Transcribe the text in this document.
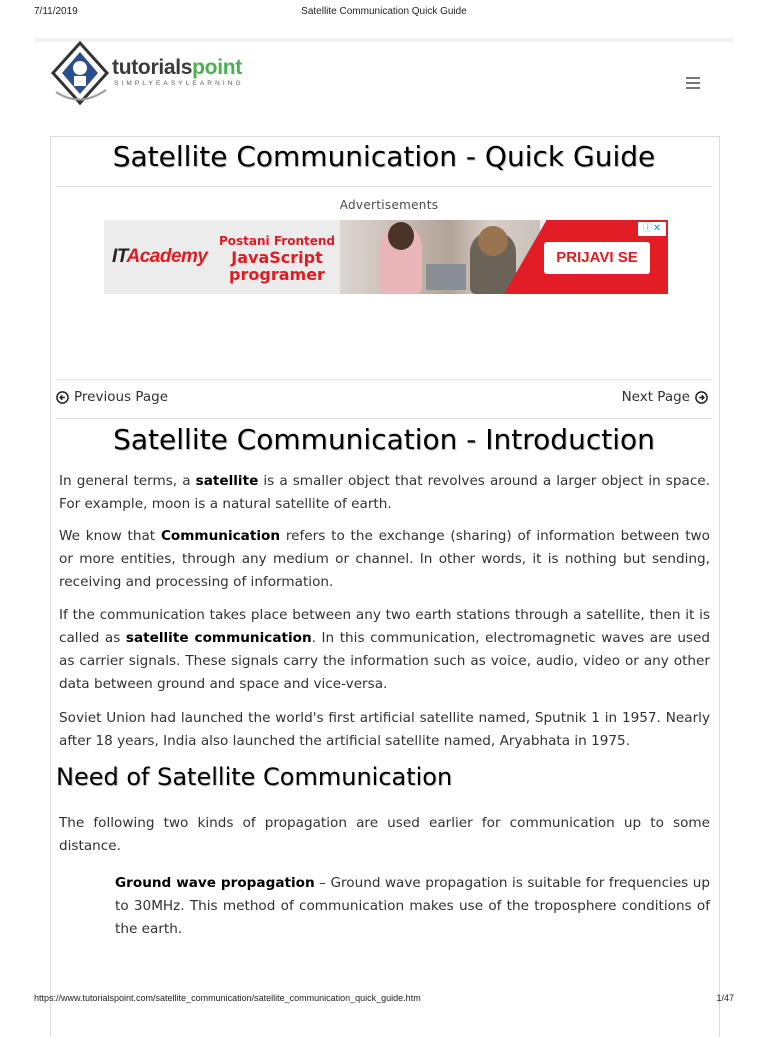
7/11/2019	Satellite Communication Quick Guide
tutorialspoint
SIMPLYEASYLEARNING
Satellite Communication - Quick Guide
Advertisements
ITAcademy
Postani Frontend
JavaScript
programer
PRIJAVI SE
ⓘ✕
Previous Page	Next Page
Satellite Communication - Introduction

In general terms, a satellite is a smaller object that revolves around a larger object in space. For example, moon is a natural satellite of earth.

We know that Communication refers to the exchange (sharing) of information between two or more entities, through any medium or channel. In other words, it is nothing but sending, receiving and processing of information.

If the communication takes place between any two earth stations through a satellite, then it is called as satellite communication. In this communication, electromagnetic waves are used as carrier signals. These signals carry the information such as voice, audio, video or any other data between ground and space and vice-versa.

Soviet Union had launched the world's first artificial satellite named, Sputnik 1 in 1957. Nearly after 18 years, India also launched the artificial satellite named, Aryabhata in 1975.

Need of Satellite Communication

The following two kinds of propagation are used earlier for communication up to some distance.

Ground wave propagation – Ground wave propagation is suitable for frequencies up to 30MHz. This method of communication makes use of the troposphere conditions of the earth.

https://www.tutorialspoint.com/satellite_communication/satellite_communication_quick_guide.htm	1/47
